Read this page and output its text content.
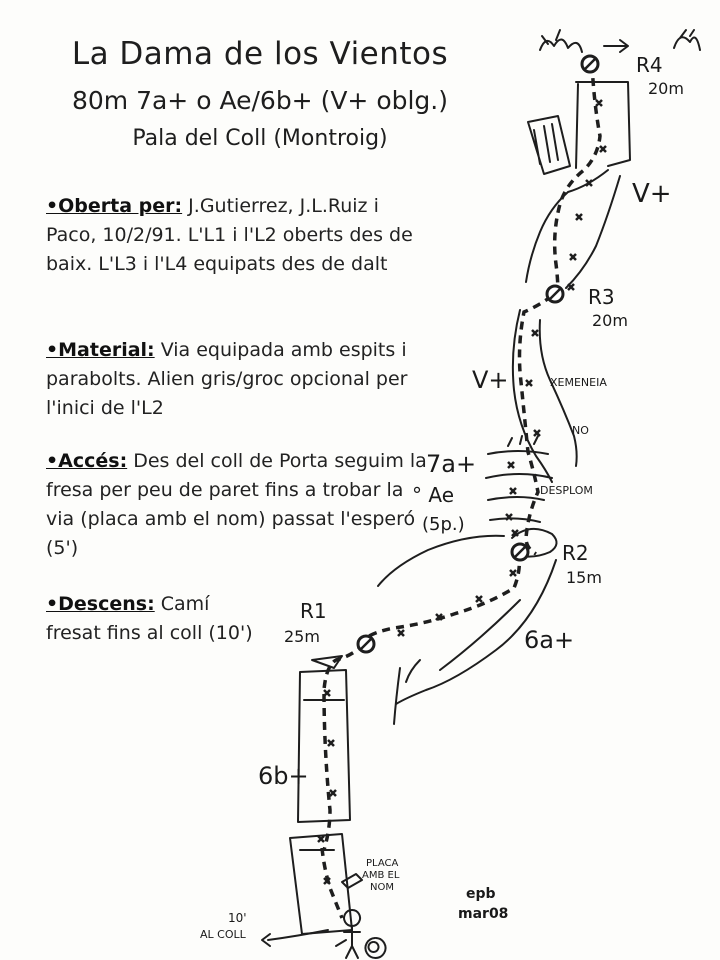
La Dama de los Vientos
80m 7a+ o Ae/6b+ (V+ oblg.)
Pala del Coll (Montroig)
•Oberta per: J.Gutierrez, J.L.Ruiz i Paco, 10/2/91. L'L1 i l'L2 oberts des de baix. L'L3 i l'L4 equipats des de dalt
•Material: Via equipada amb espits i parabolts. Alien gris/groc opcional per l'inici de l'L2
•Accés: Des del coll de Porta seguim la fresa per peu de paret fins a trobar la via (placa amb el nom) passat l'esperó (5')
•Descens: Camí fresat fins al coll (10')
R4
20m
R3
20m
R2
15m
R1
25m
V+
V+
7a+
° Ae
(5p.)
6a+
6b+
XEMENEIA
NO
DESPLOM
PLACA
AMB EL
NOM
10'
AL COLL
epb
mar08
